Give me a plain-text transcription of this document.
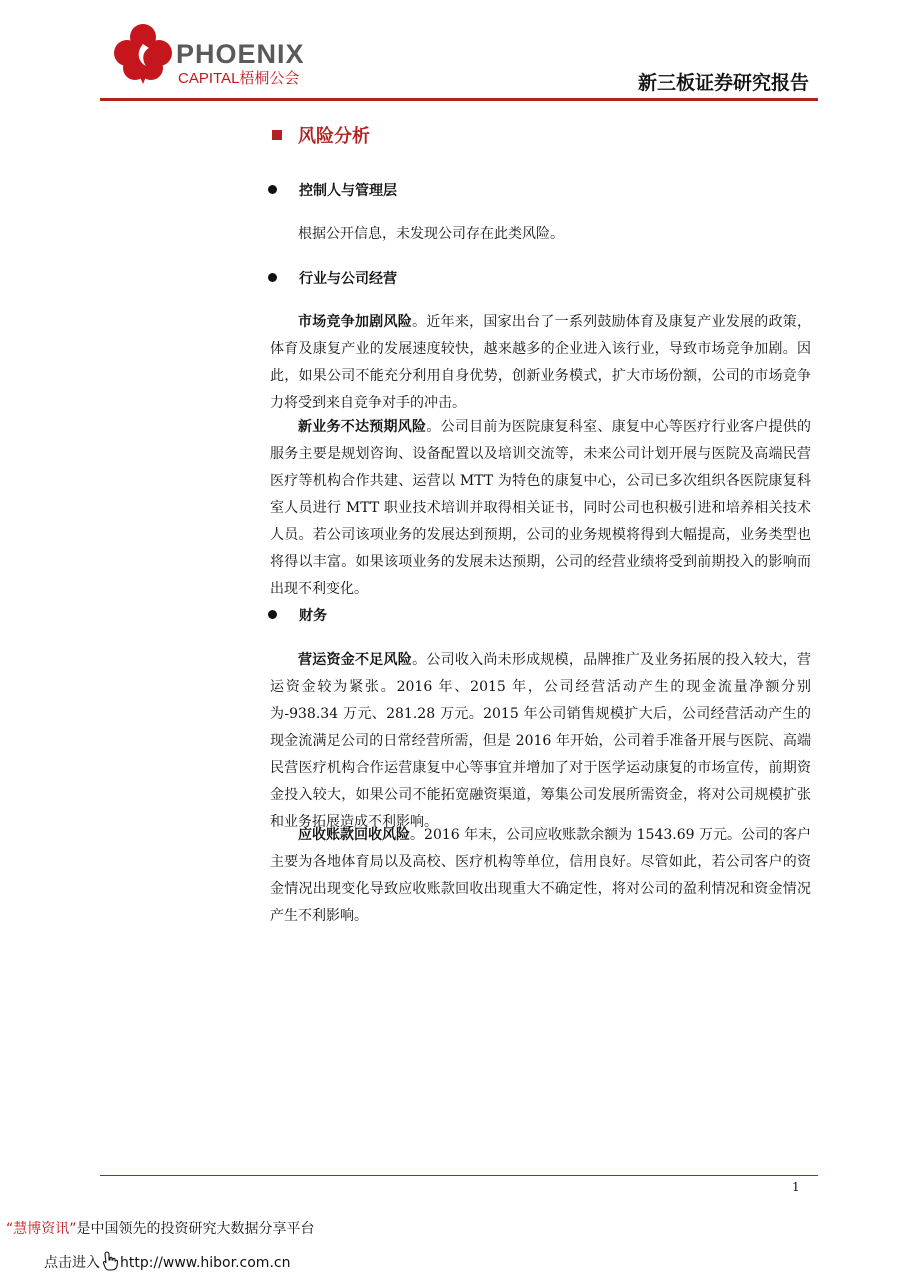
PHOENIX
CAPITAL梧桐公会	新三板证券研究报告
风险分析
控制人与管理层
根据公开信息，未发现公司存在此类风险。
行业与公司经营
市场竞争加剧风险。近年来，国家出台了一系列鼓励体育及康复产业发展的政策，体育及康复产业的发展速度较快，越来越多的企业进入该行业，导致市场竞争加剧。因此，如果公司不能充分利用自身优势，创新业务模式，扩大市场份额，公司的市场竞争力将受到来自竞争对手的冲击。
新业务不达预期风险。公司目前为医院康复科室、康复中心等医疗行业客户提供的服务主要是规划咨询、设备配置以及培训交流等，未来公司计划开展与医院及高端民营医疗等机构合作共建、运营以 MTT 为特色的康复中心，公司已多次组织各医院康复科室人员进行 MTT 职业技术培训并取得相关证书，同时公司也积极引进和培养相关技术人员。若公司该项业务的发展达到预期，公司的业务规模将得到大幅提高，业务类型也将得以丰富。如果该项业务的发展未达预期，公司的经营业绩将受到前期投入的影响而出现不利变化。
财务
营运资金不足风险。公司收入尚未形成规模，品牌推广及业务拓展的投入较大，营运资金较为紧张。2016 年、2015 年，公司经营活动产生的现金流量净额分别为-938.34 万元、281.28 万元。2015 年公司销售规模扩大后，公司经营活动产生的现金流满足公司的日常经营所需，但是 2016 年开始，公司着手准备开展与医院、高端民营医疗机构合作运营康复中心等事宜并增加了对于医学运动康复的市场宣传，前期资金投入较大，如果公司不能拓宽融资渠道，筹集公司发展所需资金，将对公司规模扩张和业务拓展造成不利影响。
应收账款回收风险。2016 年末，公司应收账款余额为 1543.69 万元。公司的客户主要为各地体育局以及高校、医疗机构等单位，信用良好。尽管如此，若公司客户的资金情况出现变化导致应收账款回收出现重大不确定性，将对公司的盈利情况和资金情况产生不利影响。
1
“慧博资讯”是中国领先的投资研究大数据分享平台
点击进入 http://www.hibor.com.cn
